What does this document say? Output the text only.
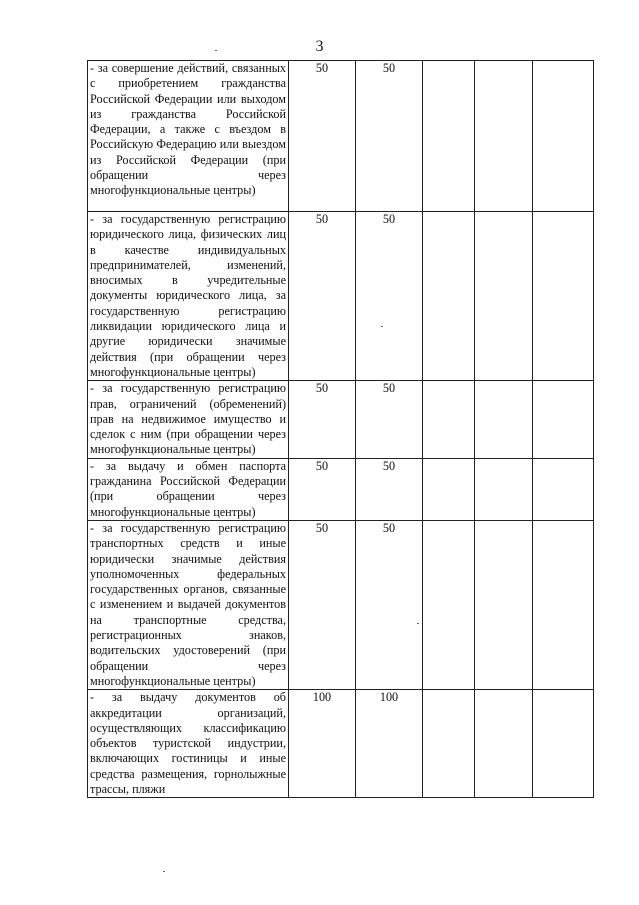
3
- за совершение действий, связанных с приобретением гражданства Российской Федерации или выходом из гражданства Российской Федерации, а также с въездом в Российскую Федерацию или выездом из Российской Федерации (при обращении через многофункциональные центры)	50	50			
- за государственную регистрацию юридического лица, физических лиц в качестве индивидуальных предпринимателей, изменений, вносимых в учредительные документы юридического лица, за государственную регистрацию ликвидации юридического лица и другие юридически значимые действия (при обращении через многофункциональные центры)	50	50			
- за государственную регистрацию прав, ограничений (обременений) прав на недвижимое имущество и сделок с ним (при обращении через многофункциональные центры)	50	50			
- за выдачу и обмен паспорта гражданина Российской Федерации (при обращении через многофункциональные центры)	50	50			
- за государственную регистрацию транспортных средств и иные юридически значимые действия уполномоченных федеральных государственных органов, связанные с изменением и выдачей документов на транспортные средства, регистрационных знаков, водительских удостоверений (при обращении через многофункциональные центры)	50	50			
- за выдачу документов об аккредитации организаций, осуществляющих классификацию объектов туристской индустрии, включающих гостиницы и иные средства размещения, горнолыжные трассы, пляжи	100	100			
